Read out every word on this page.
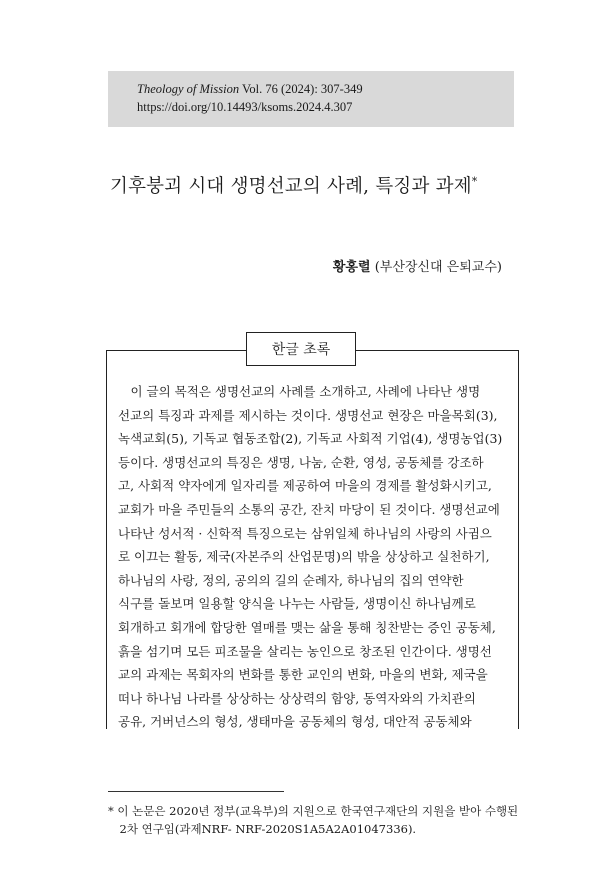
Theology of Mission Vol. 76 (2024): 307-349
https://doi.org/10.14493/ksoms.2024.4.307
기후붕괴 시대 생명선교의 사례, 특징과 과제*
황홍렬 (부산장신대 은퇴교수)
한글 초록

　이 글의 목적은 생명선교의 사례를 소개하고, 사례에 나타난 생명
선교의 특징과 과제를 제시하는 것이다. 생명선교 현장은 마을목회(3),
녹색교회(5), 기독교 협동조합(2), 기독교 사회적 기업(4), 생명농업(3)
등이다. 생명선교의 특징은 생명, 나눔, 순환, 영성, 공동체를 강조하
고, 사회적 약자에게 일자리를 제공하여 마을의 경제를 활성화시키고,
교회가 마을 주민들의 소통의 공간, 잔치 마당이 된 것이다. 생명선교에
나타난 성서적 · 신학적 특징으로는 삼위일체 하나님의 사랑의 사귐으
로 이끄는 활동, 제국(자본주의 산업문명)의 밖을 상상하고 실천하기,
하나님의 사랑, 정의, 공의의 길의 순례자, 하나님의 집의 연약한
식구를 돌보며 일용할 양식을 나누는 사람들, 생명이신 하나님께로
회개하고 회개에 합당한 열매를 맺는 삶을 통해 칭찬받는 증인 공동체,
흙을 섬기며 모든 피조물을 살리는 농인으로 창조된 인간이다. 생명선
교의 과제는 목회자의 변화를 통한 교인의 변화, 마을의 변화, 제국을
떠나 하나님 나라를 상상하는 상상력의 함양, 동역자와의 가치관의
공유, 거버넌스의 형성, 생태마을 공동체의 형성, 대안적 공동체와

* 이 논문은 2020년 정부(교육부)의 지원으로 한국연구재단의 지원을 받아 수행된
　2차 연구임(과제NRF- NRF-2020S1A5A2A01047336).
